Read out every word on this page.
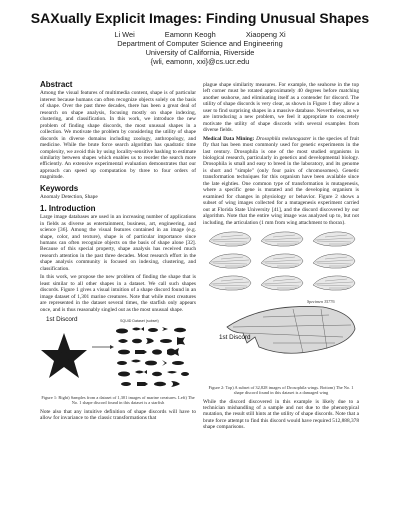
SAXually Explicit Images: Finding Unusual Shapes
Li Wei	Eamonn Keogh	Xiaopeng Xi
Department of Computer Science and Engineering
University of California, Riverside
{wli, eamonn, xxi}@cs.ucr.edu
Abstract

Among the visual features of multimedia content, shape is of particular interest because humans can often recognize objects solely on the basis of shape. Over the past three decades, there has been a great deal of research on shape analysis, focusing mostly on shape indexing, clustering, and classification. In this work, we introduce the new problem of finding shape discords, the most unusual shapes in a collection. We motivate the problem by considering the utility of shape discords in diverse domains including zoology, anthropology, and medicine. While the brute force search algorithm has quadratic time complexity, we avoid this by using locality-sensitive hashing to estimate similarity between shapes which enables us to reorder the search more efficiently. An extensive experimental evaluation demonstrates that our approach can speed up computation by three to four orders of magnitude.

Keywords

Anomaly Detection, Shape

1. Introduction

Large image databases are used in an increasing number of applications in fields as diverse as entertainment, business, art, engineering, and science [36]. Among the visual features contained in an image (e.g. shape, color, and texture), shape is of particular importance since humans can often recognize objects on the basis of shape alone [32]. Because of this special property, shape analysis has received much research attention in the past three decades. Most research effort in the shape analysis community is focused on indexing, clustering, and classification.

In this work, we propose the new problem of finding the shape that is least similar to all other shapes in a dataset. We call such shapes discords. Figure 1 gives a visual intuition of a shape discord found in an image dataset of 1,301 marine creatures. Note that while most creatures are represented in the dataset several times, the starfish only appears once, and is thus reasonably singled out as the most unusual shape.

1st Discord	SQUID Dataset (subset)
Figure 1: Right) Samples from a dataset of 1,301 images of marine creatures. Left) The No. 1 shape discord found in this dataset is a starfish

Note also that any intuitive definition of shape discords will have to allow for invariance to the classic transformations that

plague shape similarity measures. For example, the seahorse in the top left corner must be rotated approximately 40 degrees before matching another seahorse, and eliminating itself as a contender for discord. The utility of shape discords is very clear, as shown in Figure 1 they allow a user to find surprising shapes in a massive database. Nevertheless, as we are introducing a new problem, we feel it appropriate to concretely motivate the utility of shape discords with several examples from diverse fields.

Medical Data Mining: Drosophila melanogaster is the species of fruit fly that has been most commonly used for genetic experiments in the last century. Drosophila is one of the most studied organisms in biological research, particularly in genetics and developmental biology. Drosophila is small and easy to breed in the laboratory, and its genome is short and "simple" (only four pairs of chromosomes). Genetic transformation techniques for this organism have been available since the late eighties. One common type of transformation is mutagenesis, where a specific gene is mutated and the developing organism is examined for changes in physiology or behavior. Figure 2 shows a subset of wing images collected for a mutagenesis experiment carried out at Florida State University [41], and the discord discovered by our algorithm. Note that the entire wing image was analyzed up to, but not including, the articulation (1 mm from wing attachment to thorax).

1st Discord
Specimen 35776
Figure 2: Top) A subset of 32,828 images of Drosophila wings. Bottom) The No. 1 shape discord found in this dataset is a damaged wing

While the discord discovered in this example is likely due to a technician mishandling of a sample and not due to the phenotypical mutation, the result still hints at the utility of shape discords. Note that a brute force attempt to find this discord would have required 512,888,378 shape comparisons.
